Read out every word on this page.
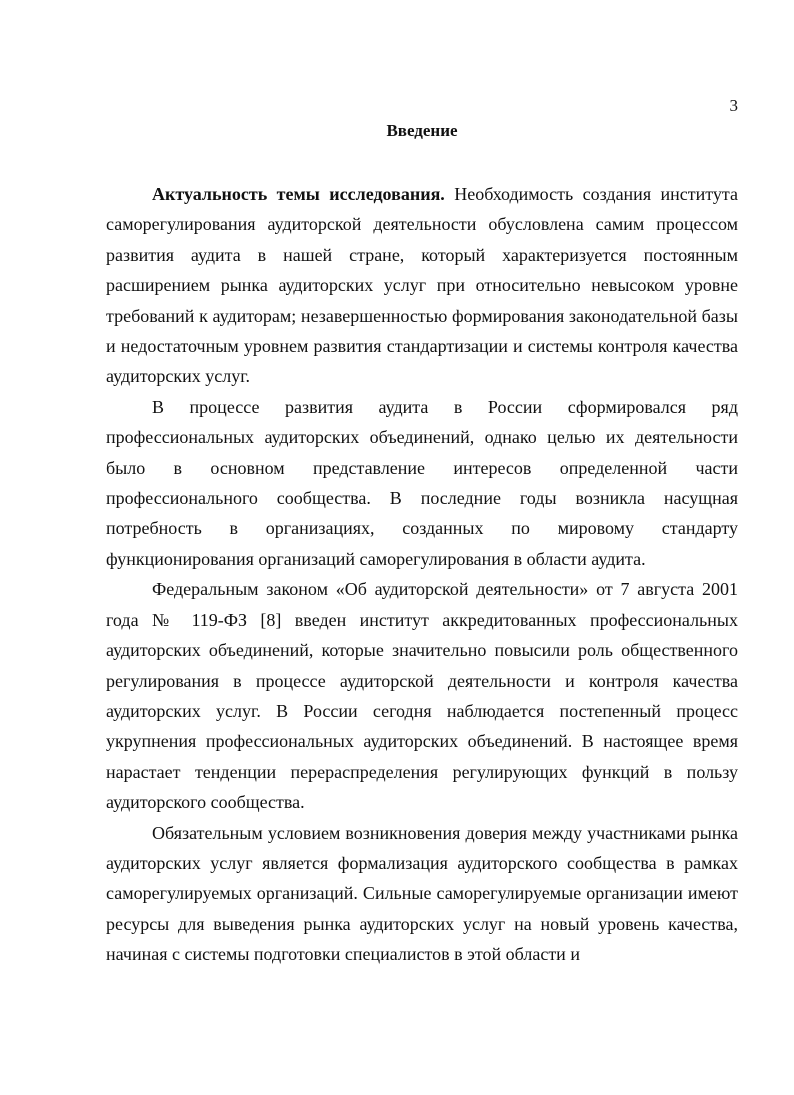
3
Введение

Актуальность темы исследования. Необходимость создания института саморегулирования аудиторской деятельности обусловлена самим процессом развития аудита в нашей стране, который характеризуется постоянным расширением рынка аудиторских услуг при относительно невысоком уровне требований к аудиторам; незавершенностью формирования законодательной базы и недостаточным уровнем развития стандартизации и системы контроля качества аудиторских услуг.

В процессе развития аудита в России сформировался ряд профессиональных аудиторских объединений, однако целью их деятельности было в основном представление интересов определенной части профессионального сообщества. В последние годы возникла насущная потребность в организациях, созданных по мировому стандарту функционирования организаций саморегулирования в области аудита.

Федеральным законом «Об аудиторской деятельности» от 7 августа 2001 года № 119-ФЗ [8] введен институт аккредитованных профессиональных аудиторских объединений, которые значительно повысили роль общественного регулирования в процессе аудиторской деятельности и контроля качества аудиторских услуг. В России сегодня наблюдается постепенный процесс укрупнения профессиональных аудиторских объединений. В настоящее время нарастает тенденции перераспределения регулирующих функций в пользу аудиторского сообщества.

Обязательным условием возникновения доверия между участниками рынка аудиторских услуг является формализация аудиторского сообщества в рамках саморегулируемых организаций. Сильные саморегулируемые организации имеют ресурсы для выведения рынка аудиторских услуг на новый уровень качества, начиная с системы подготовки специалистов в этой области и
